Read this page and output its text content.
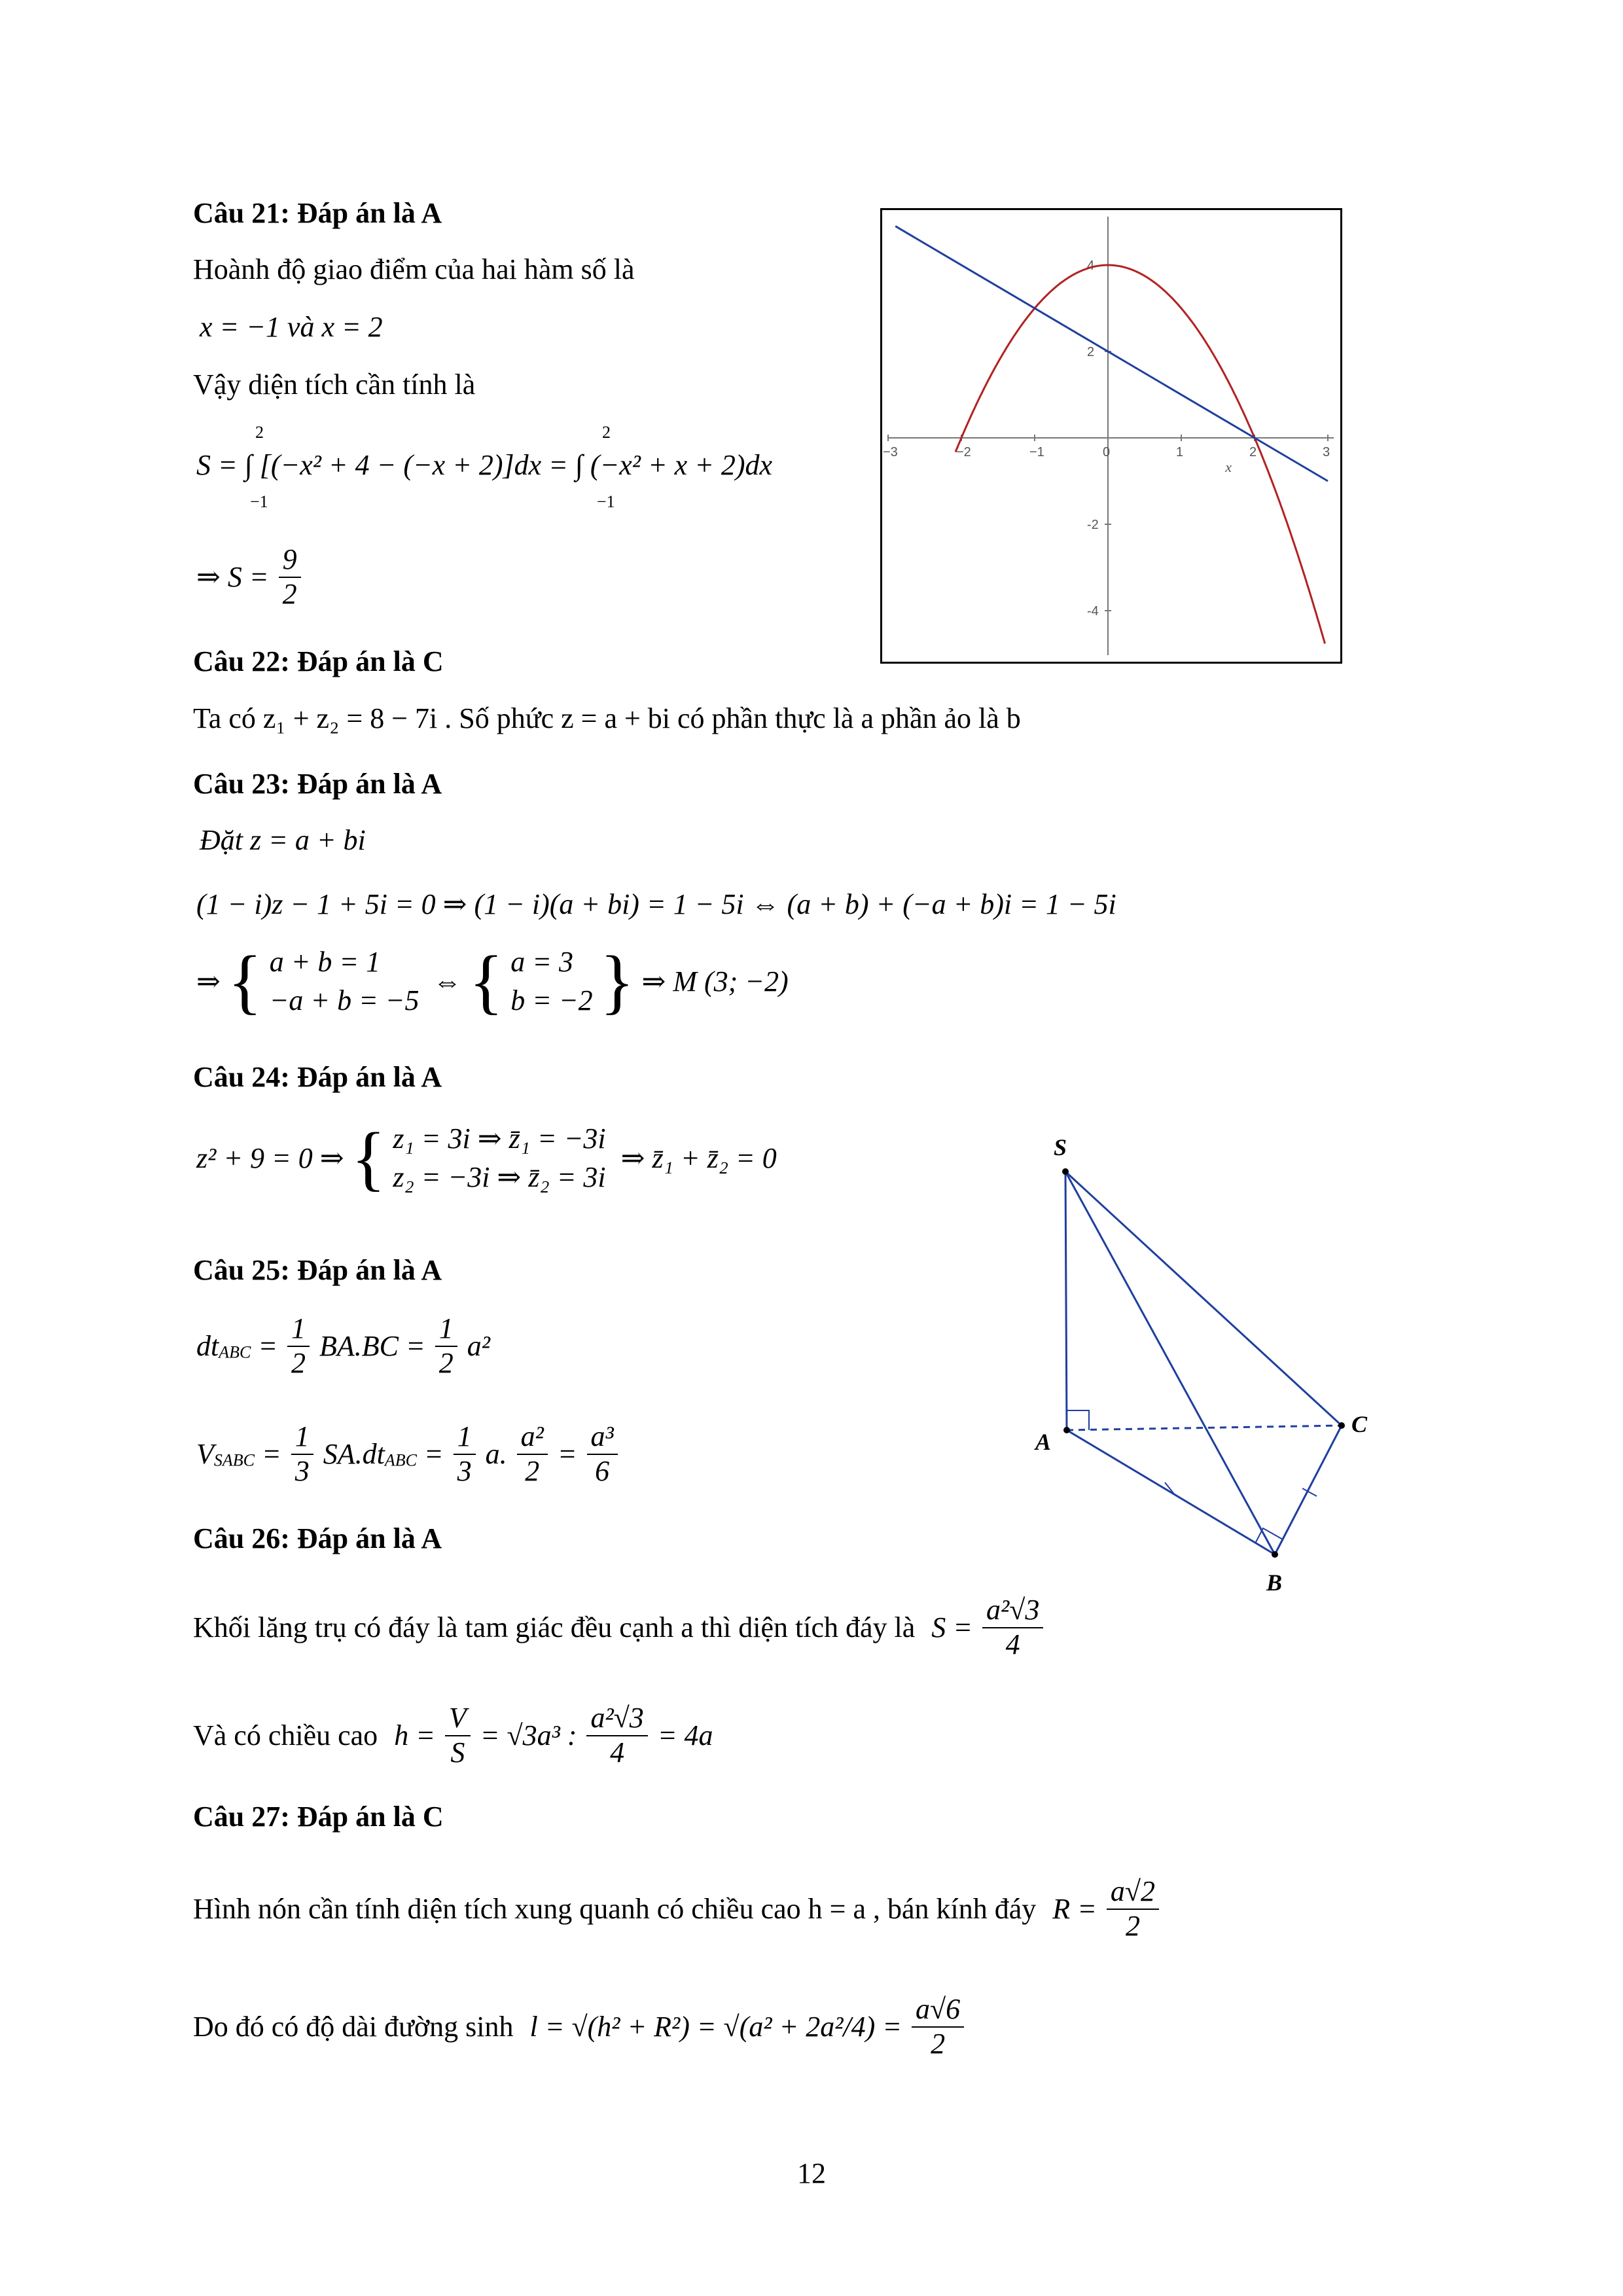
Câu 21: Đáp án là A
Hoành độ giao điểm của hai hàm số là
x = −1 và x = 2
Vậy diện tích cần tính là
S = ∫ [(−x² + 4 − (−x + 2)]dx = ∫ (−x² + x + 2)dx
2
−1
2
−1
⇒ $S = \frac{9}{2}$
−3	−2	−1	0	1	2	3
4
2
-2
-4
x
Câu 22: Đáp án là C
Ta có z₁ + z₂ = 8 − 7i . Số phức z = a + bi có phần thực là a phần ảo là b
Câu 23: Đáp án là A
Đặt z = a + bi
(1 − i)z − 1 + 5i = 0 ⇒ (1 − i)(a + bi) = 1 − 5i ⇔ (a + b) + (−a + b)i = 1 − 5i
⇒ { a + b = 1
−a + b = −5
⇔ { a = 3
b = −2 } ⇒ M (3; −2)
Câu 24: Đáp án là A
z² + 9 = 0 ⇒ { z₁ = 3i ⇒ z̄₁ = −3i
z₂ = −3i ⇒ z̄₂ = 3i
⇒ z̄₁ + z̄₂ = 0
Câu 25: Đáp án là A
$dt_{ABC} = \frac{1}{2} BA.BC = \frac{1}{2} a^2$
$V_{SABC} = \frac{1}{3} SA.dt_{ABC} = \frac{1}{3} a$. $\frac{\text{a²}}{2} = \frac{\text{a³}}{6}$
S
A
B
C
Câu 26: Đáp án là A
Khối lăng trụ có đáy là tam giác đều cạnh a thì diện tích đáy là $S = \frac{\text{a²√3}}{4}$
Và có chiều cao $h = \frac{V}{S} = √3a^3$ : $\frac{\text{a²√3}}{4} = 4a$
Câu 27: Đáp án là C
Hình nón cần tính diện tích xung quanh có chiều cao h = a , bán kính đáy $R = \frac{a√2}{2}$
Do đó có độ dài đường $\sinh l = √(h^2 + R^2) = √(a^2 + 2a^2/4) = \frac{a√6}{2}$
12
